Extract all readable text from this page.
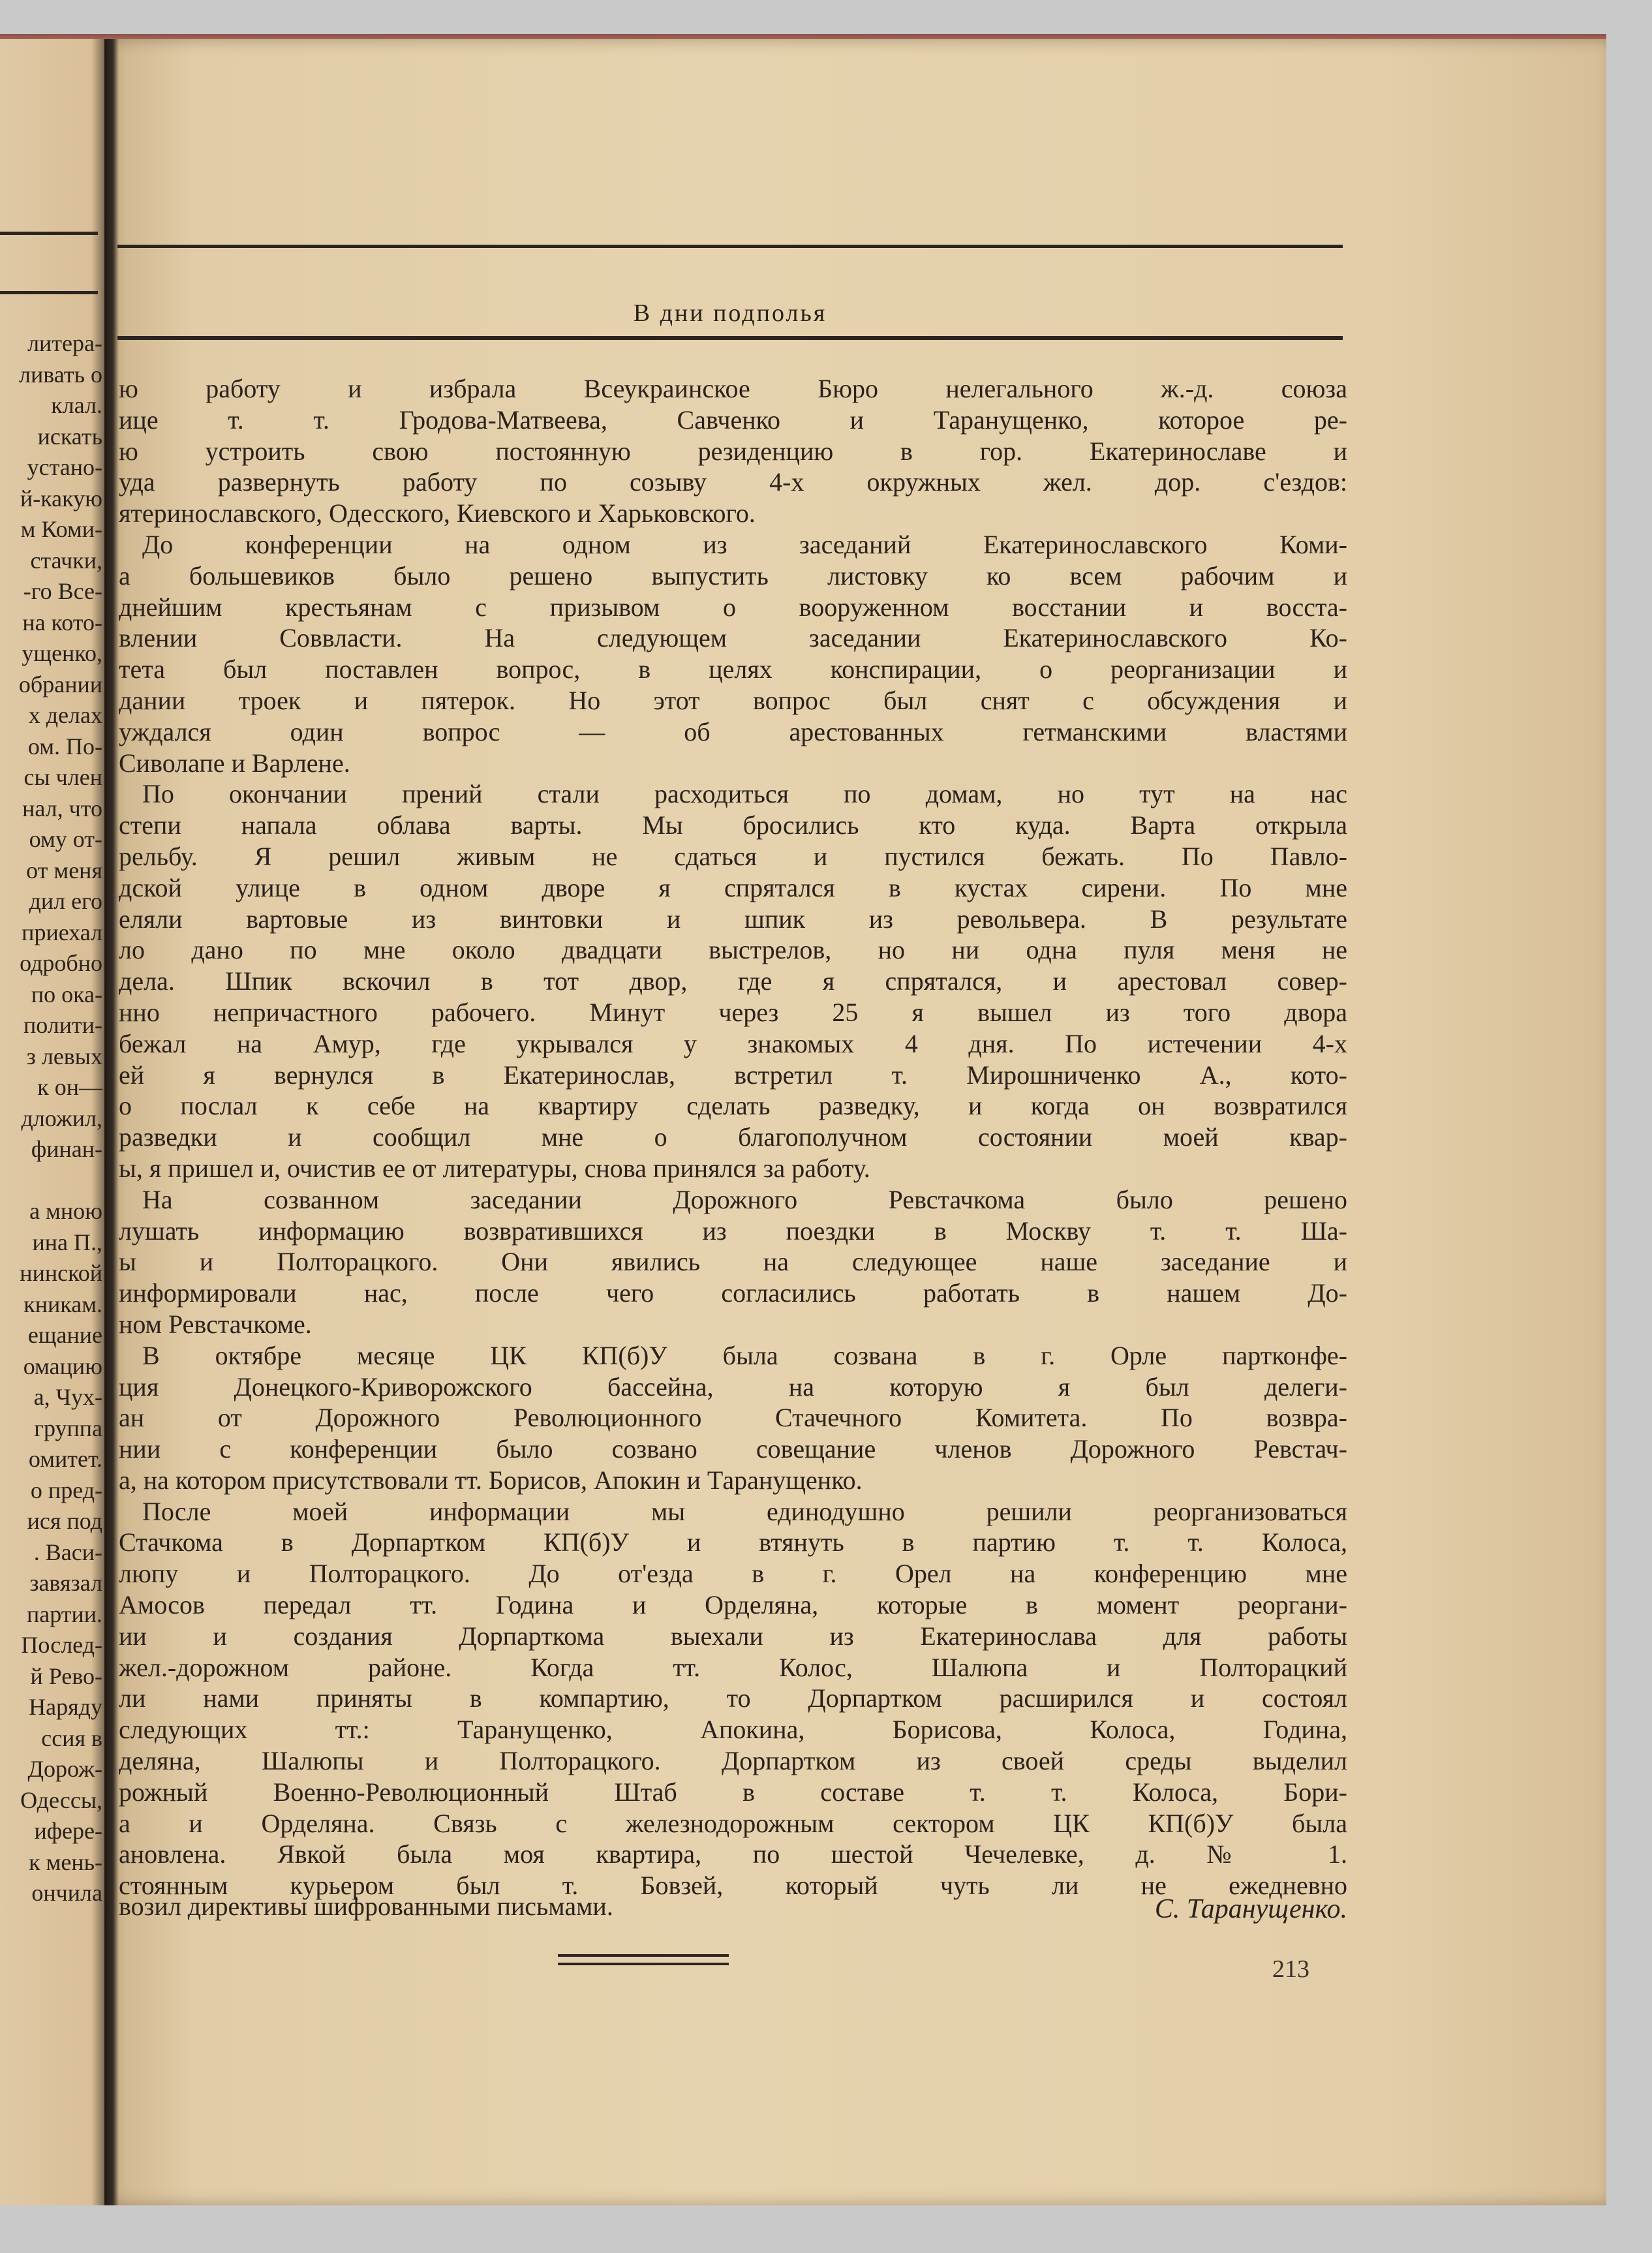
литера-
ливать о
клал.
искать
устано-
й-какую
м Коми-
стачки,
-го Все-
на кото-
ущенко,
обрании
х делах
ом. По-
сы член
нал, что
ому от-
от меня
дил его
приехал
одробно
по ока-
полити-
з левых
к он—
дложил,
финан-
а мною
ина П.,
нинской
кникам.
ещание
омацию
а, Чух-
группа
омитет.
о пред-
ися под
. Васи-
завязал
партии.
Послед-
й Рево-
Наряду
ссия в
Дорож-
Одессы,
ифере-
к мень-
ончила
В дни подполья
ю работу и избрала Всеукраинское Бюро нелегального ж.-д. союза
ице т. т. Гродова-Матвеева, Савченко и Таранущенко, которое ре-
ю устроить свою постоянную резиденцию в гор. Екатеринославе и
уда развернуть работу по созыву 4-х окружных жел. дор. с'ездов:
ятеринославского, Одесского, Киевского и Харьковского.
До конференции на одном из заседаний Екатеринославского Коми-
а большевиков было решено выпустить листовку ко всем рабочим и
днейшим крестьянам с призывом о вооруженном восстании и восста-
влении Соввласти. На следующем заседании Екатеринославского Ко-
тета был поставлен вопрос, в целях конспирации, о реорганизации и
дании троек и пятерок. Но этот вопрос был снят с обсуждения и
уждался один вопрос — об арестованных гетманскими властями
Сиволапе и Варлене.
По окончании прений стали расходиться по домам, но тут на нас
степи напала облава варты. Мы бросились кто куда. Варта открыла
рельбу. Я решил живым не сдаться и пустился бежать. По Павло-
дской улице в одном дворе я спрятался в кустах сирени. По мне
еляли вартовые из винтовки и шпик из револьвера. В результате
ло дано по мне около двадцати выстрелов, но ни одна пуля меня не
дела. Шпик вскочил в тот двор, где я спрятался, и арестовал совер-
нно непричастного рабочего. Минут через 25 я вышел из того двора
бежал на Амур, где укрывался у знакомых 4 дня. По истечении 4-х
ей я вернулся в Екатеринослав, встретил т. Мирошниченко А., кото-
о послал к себе на квартиру сделать разведку, и когда он возвратился
разведки и сообщил мне о благополучном состоянии моей квар-
ы, я пришел и, очистив ее от литературы, снова принялся за работу.
На созванном заседании Дорожного Ревстачкома было решено
лушать информацию возвратившихся из поездки в Москву т. т. Ша-
ы и Полторацкого. Они явились на следующее наше заседание и
информировали нас, после чего согласились работать в нашем До-
ном Ревстачкоме.
В октябре месяце ЦК КП(б)У была созвана в г. Орле партконфе-
ция Донецкого-Криворожского бассейна, на которую я был делеги-
ан от Дорожного Революционного Стачечного Комитета. По возвра-
нии с конференции было созвано совещание членов Дорожного Ревстач-
а, на котором присутствовали тт. Борисов, Апокин и Таранущенко.
После моей информации мы единодушно решили реорганизоваться
Стачкома в Дорпартком КП(б)У и втянуть в партию т. т. Колоса,
люпу и Полторацкого. До от'езда в г. Орел на конференцию мне
Амосов передал тт. Година и Орделяна, которые в момент реоргани-
ии и создания Дорпарткома выехали из Екатеринослава для работы
жел.-дорожном районе. Когда тт. Колос, Шалюпа и Полторацкий
ли нами приняты в компартию, то Дорпартком расширился и состоял
следующих тт.: Таранущенко, Апокина, Борисова, Колоса, Година,
деляна, Шалюпы и Полторацкого. Дорпартком из своей среды выделил
рожный Военно-Революционный Штаб в составе т. т. Колоса, Бори-
а и Орделяна. Связь с железнодорожным сектором ЦК КП(б)У была
ановлена. Явкой была моя квартира, по шестой Чечелевке, д. № 1.
стоянным курьером был т. Бовзей, который чуть ли не ежедневно
возил директивы шифрованными письмами.	С. Таранущенко.
213
